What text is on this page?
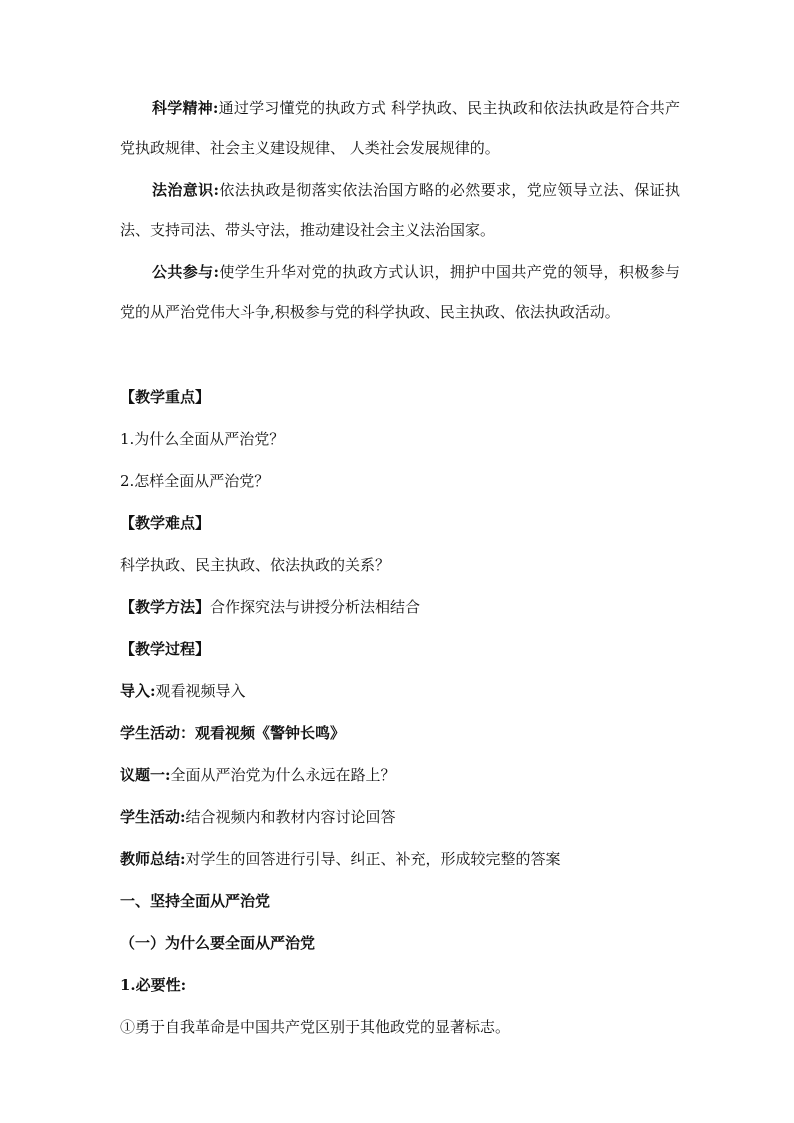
科学精神:通过学习懂党的执政方式 科学执政、民主执政和依法执政是符合共产党执政规律、社会主义建设规律、 人类社会发展规律的。

法治意识:依法执政是彻落实依法治国方略的必然要求，党应领导立法、保证执法、支持司法、带头守法，推动建设社会主义法治国家。

公共参与:使学生升华对党的执政方式认识，拥护中国共产党的领导，积极参与党的从严治党伟大斗争,积极参与党的科学执政、民主执政、依法执政活动。

【教学重点】

1.为什么全面从严治党？

2.怎样全面从严治党？

【教学难点】

科学执政、民主执政、依法执政的关系？

【教学方法】合作探究法与讲授分析法相结合

【教学过程】

导入:观看视频导入

学生活动：观看视频《警钟长鸣》

议题一:全面从严治党为什么永远在路上？

学生活动:结合视频内和教材内容讨论回答

教师总结:对学生的回答进行引导、纠正、补充，形成较完整的答案

一、坚持全面从严治党

（一）为什么要全面从严治党

1.必要性:

①勇于自我革命是中国共产党区别于其他政党的显著标志。
